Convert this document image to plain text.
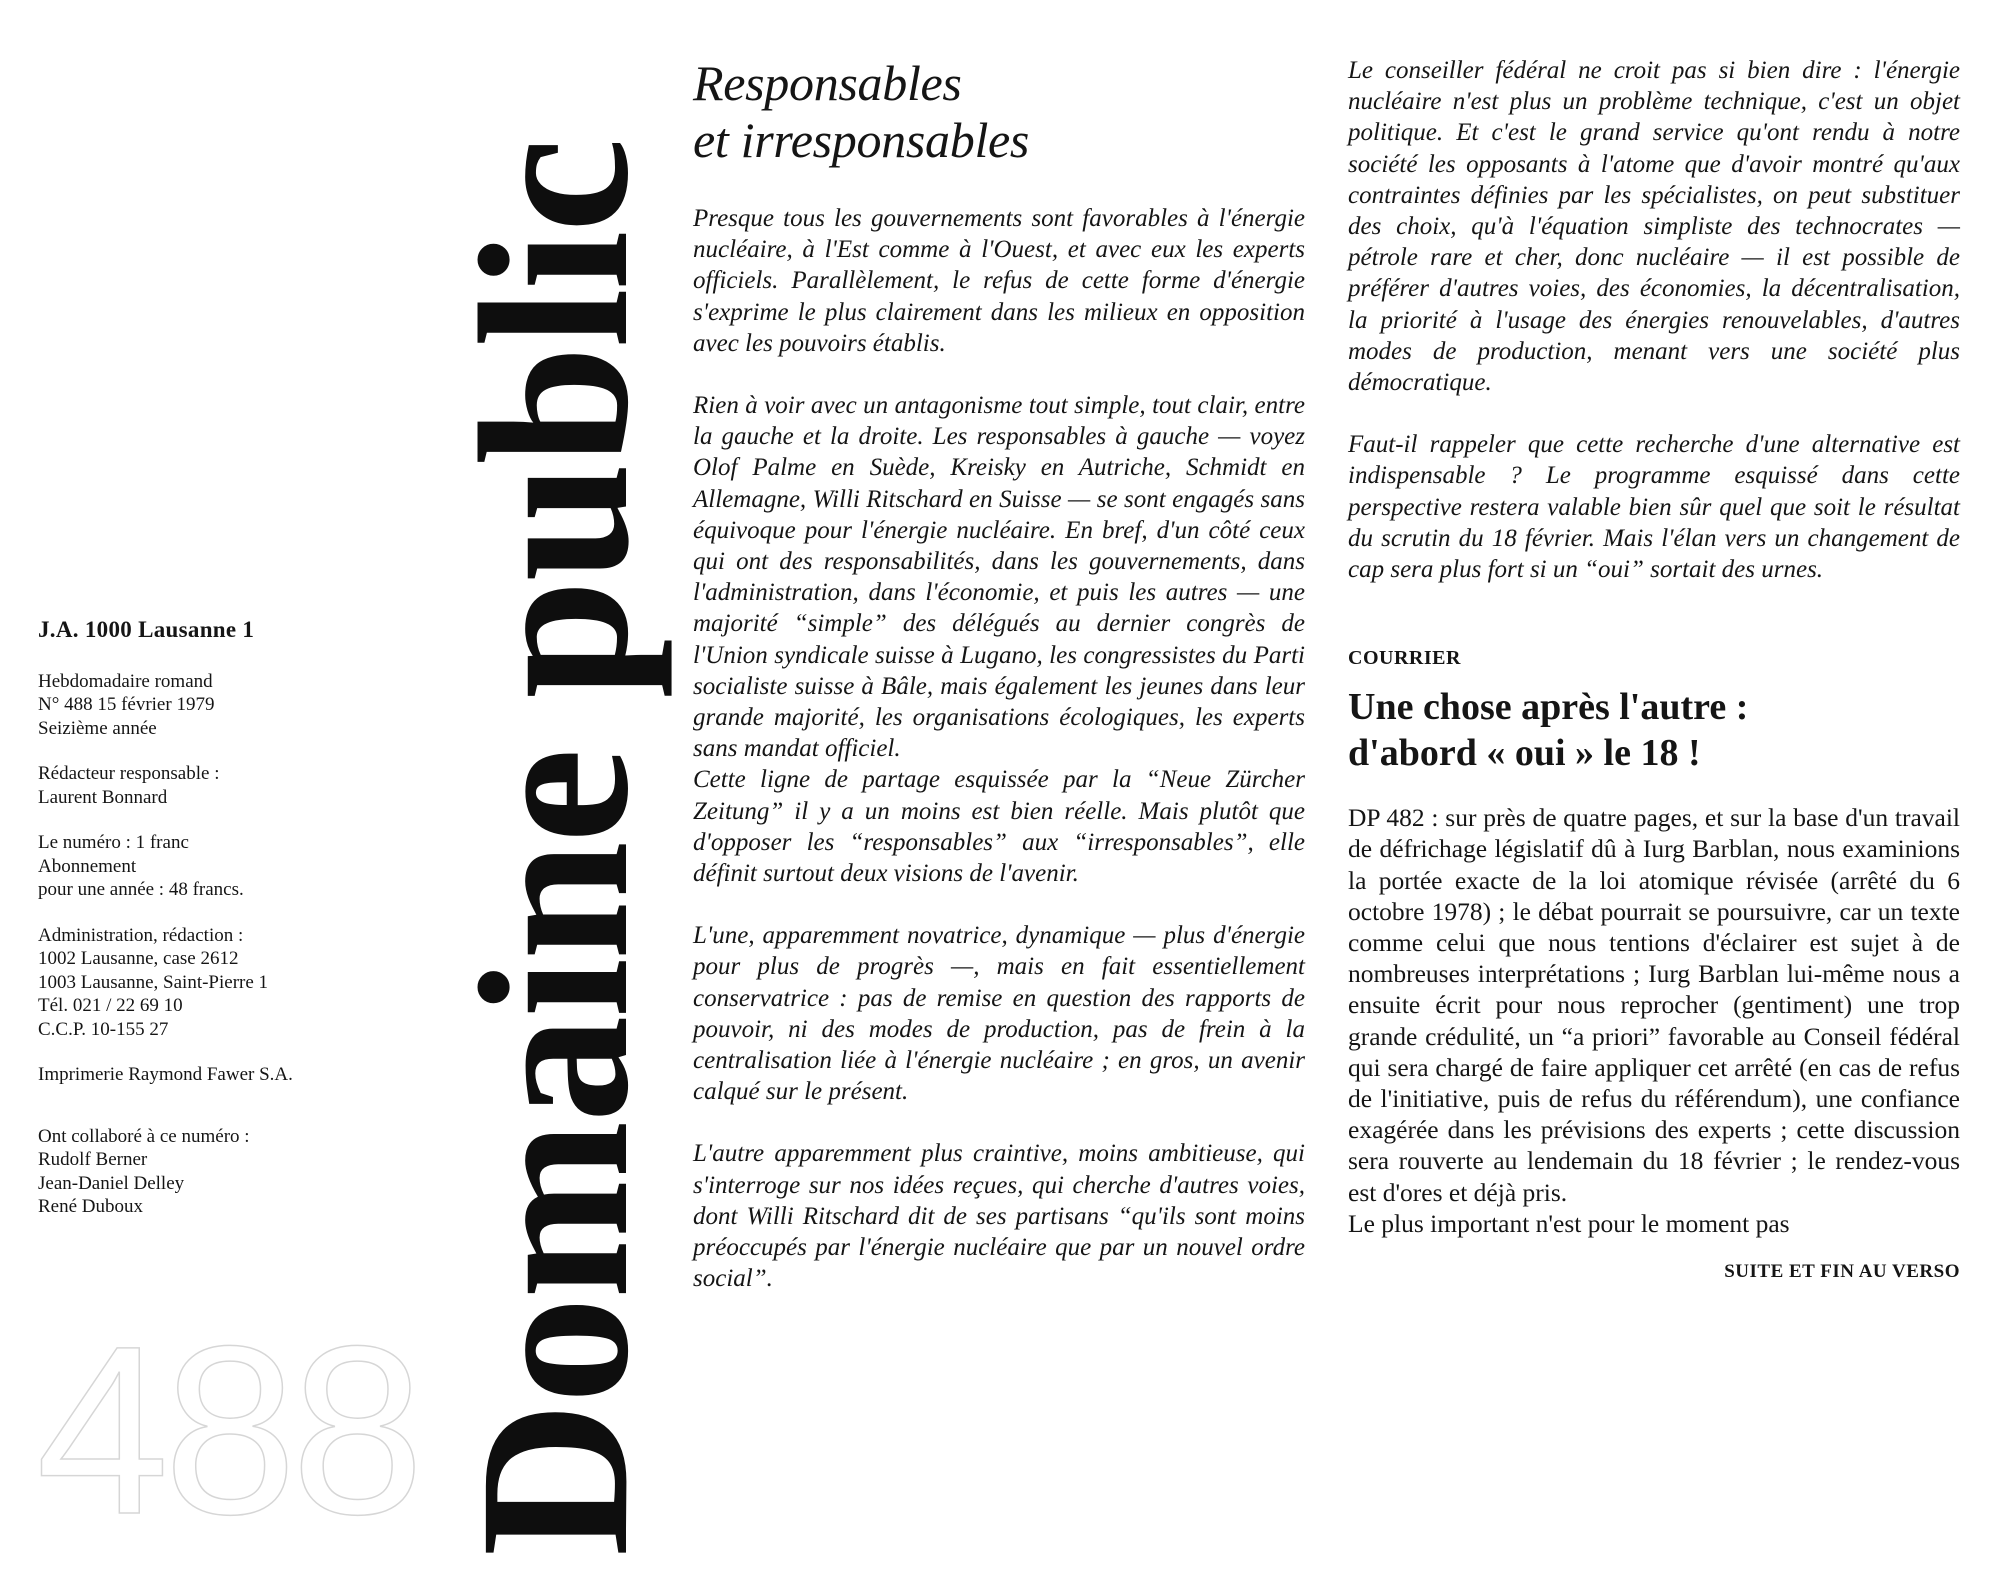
J.A. 1000 Lausanne 1
Hebdomadaire romand
N° 488 15 février 1979
Seizième année
Rédacteur responsable :
Laurent Bonnard
Le numéro : 1 franc
Abonnement
pour une année : 48 francs.
Administration, rédaction :
1002 Lausanne, case 2612
1003 Lausanne, Saint-Pierre 1
Tél. 021 / 22 69 10
C.C.P. 10-155 27
Imprimerie Raymond Fawer S.A.
Ont collaboré à ce numéro :
Rudolf Berner
Jean-Daniel Delley
René Duboux
488 Domaine public
Responsables
et irresponsables

Presque tous les gouvernements sont favorables à l'énergie nucléaire, à l'Est comme à l'Ouest, et avec eux les experts officiels. Parallèlement, le refus de cette forme d'énergie s'exprime le plus clairement dans les milieux en opposition avec les pouvoirs établis.

Rien à voir avec un antagonisme tout simple, tout clair, entre la gauche et la droite. Les responsables à gauche — voyez Olof Palme en Suède, Kreisky en Autriche, Schmidt en Allemagne, Willi Ritschard en Suisse — se sont engagés sans équivoque pour l'énergie nucléaire. En bref, d'un côté ceux qui ont des responsabilités, dans les gouvernements, dans l'administration, dans l'économie, et puis les autres — une majorité “simple” des délégués au dernier congrès de l'Union syndicale suisse à Lugano, les congressistes du Parti socialiste suisse à Bâle, mais également les jeunes dans leur grande majorité, les organisations écologiques, les experts sans mandat officiel.

Cette ligne de partage esquissée par la “Neue Zürcher Zeitung” il y a un moins est bien réelle. Mais plutôt que d'opposer les “responsables” aux “irresponsables”, elle définit surtout deux visions de l'avenir.

L'une, apparemment novatrice, dynamique — plus d'énergie pour plus de progrès —, mais en fait essentiellement conservatrice : pas de remise en question des rapports de pouvoir, ni des modes de production, pas de frein à la centralisation liée à l'énergie nucléaire ; en gros, un avenir calqué sur le présent.

L'autre apparemment plus craintive, moins ambitieuse, qui s'interroge sur nos idées reçues, qui cherche d'autres voies, dont Willi Ritschard dit de ses partisans “qu'ils sont moins préoccupés par l'énergie nucléaire que par un nouvel ordre social”.

Le conseiller fédéral ne croit pas si bien dire : l'énergie nucléaire n'est plus un problème technique, c'est un objet politique. Et c'est le grand service qu'ont rendu à notre société les opposants à l'atome que d'avoir montré qu'aux contraintes définies par les spécialistes, on peut substituer des choix, qu'à l'équation simpliste des technocrates — pétrole rare et cher, donc nucléaire — il est possible de préférer d'autres voies, des économies, la décentralisation, la priorité à l'usage des énergies renouvelables, d'autres modes de production, menant vers une société plus démocratique.

Faut-il rappeler que cette recherche d'une alternative est indispensable ? Le programme esquissé dans cette perspective restera valable bien sûr quel que soit le résultat du scrutin du 18 février. Mais l'élan vers un changement de cap sera plus fort si un “oui” sortait des urnes.

COURRIER
Une chose après l'autre :
d'abord « oui » le 18 !
DP 482 : sur près de quatre pages, et sur la base d'un travail de défrichage législatif dû à Iurg Barblan, nous examinions la portée exacte de la loi atomique révisée (arrêté du 6 octobre 1978) ; le débat pourrait se poursuivre, car un texte comme celui que nous tentions d'éclairer est sujet à de nombreuses interprétations ; Iurg Barblan lui-même nous a ensuite écrit pour nous reprocher (gentiment) une trop grande crédulité, un “a priori” favorable au Conseil fédéral qui sera chargé de faire appliquer cet arrêté (en cas de refus de l'initiative, puis de refus du référendum), une confiance exagérée dans les prévisions des experts ; cette discussion sera rouverte au lendemain du 18 février ; le rendez-vous est d'ores et déjà pris.
Le plus important n'est pour le moment pas
SUITE ET FIN AU VERSO
